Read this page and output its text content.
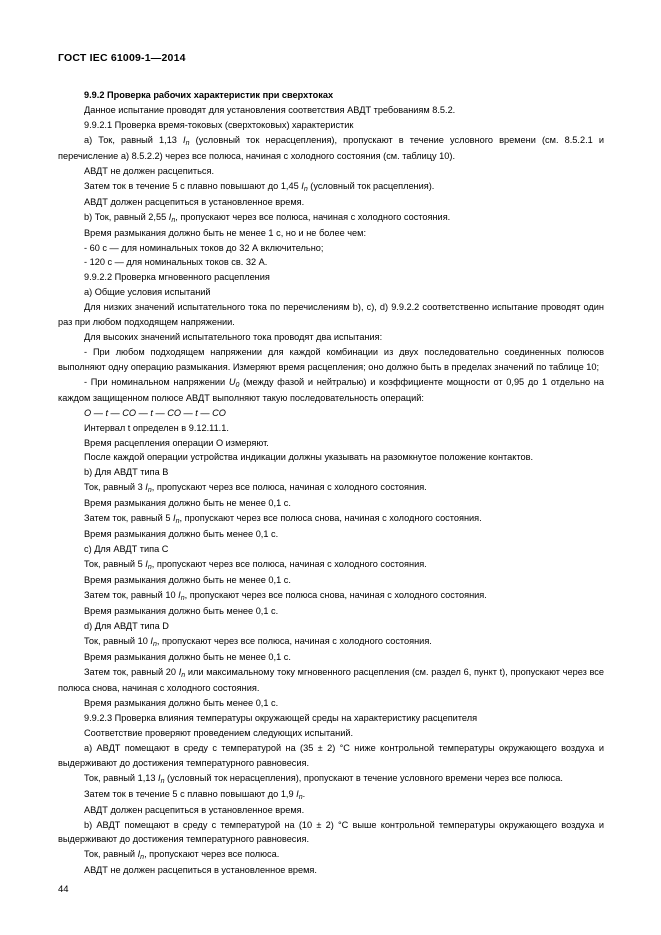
ГОСТ IEC 61009-1—2014

9.9.2 Проверка рабочих характеристик при сверхтоках

Данное испытание проводят для установления соответствия АВДТ требованиям 8.5.2.

9.9.2.1 Проверка время-токовых (сверхтоковых) характеристик

а) Ток, равный 1,13 $I_n$ (условный ток нерасцепления), пропускают в течение условного времени (см. 8.5.2.1 и перечисление а) 8.5.2.2) через все полюса, начиная с холодного состояния (см. таблицу 10).

АВДТ не должен расцепиться.

Затем ток в течение 5 с плавно повышают до 1,45 $I_n$ (условный ток расцепления).

АВДТ должен расцепиться в установленное время.

b) Ток, равный 2,55 $I_n$, пропускают через все полюса, начиная с холодного состояния.

Время размыкания должно быть не менее 1 с, но и не более чем:

- 60 с — для номинальных токов до 32 А включительно;

- 120 с — для номинальных токов св. 32 А.

9.9.2.2 Проверка мгновенного расцепления

а) Общие условия испытаний

Для низких значений испытательного тока по перечислениям b), с), d) 9.9.2.2 соответственно испытание проводят один раз при любом подходящем напряжении.

Для высоких значений испытательного тока проводят два испытания:

- При любом подходящем напряжении для каждой комбинации из двух последовательно соединенных полюсов выполняют одну операцию размыкания. Измеряют время расцепления; оно должно быть в пределах значений по таблице 10;

- При номинальном напряжении $U_0$ (между фазой и нейтралью) и коэффициенте мощности от 0,95 до 1 отдельно на каждом защищенном полюсе АВДТ выполняют такую последовательность операций:

O — t — CO — t — CO — t — CO

Интервал t определен в 9.12.11.1.

Время расцепления операции O измеряют.

После каждой операции устройства индикации должны указывать на разомкнутое положение контактов.

b) Для АВДТ типа B

Ток, равный 3 $I_n$, пропускают через все полюса, начиная с холодного состояния.

Время размыкания должно быть не менее 0,1 с.

Затем ток, равный 5 $I_n$, пропускают через все полюса снова, начиная с холодного состояния.

Время размыкания должно быть менее 0,1 с.

с) Для АВДТ типа C

Ток, равный 5 $I_n$, пропускают через все полюса, начиная с холодного состояния.

Время размыкания должно быть не менее 0,1 с.

Затем ток, равный 10 $I_n$, пропускают через все полюса снова, начиная с холодного состояния.

Время размыкания должно быть менее 0,1 с.

d) Для АВДТ типа D

Ток, равный 10 $I_n$, пропускают через все полюса, начиная с холодного состояния.

Время размыкания должно быть не менее 0,1 с.

Затем ток, равный 20 $I_n$ или максимальному току мгновенного расцепления (см. раздел 6, пункт t), пропускают через все полюса снова, начиная с холодного состояния.

Время размыкания должно быть менее 0,1 с.

9.9.2.3 Проверка влияния температуры окружающей среды на характеристику расцепителя

Соответствие проверяют проведением следующих испытаний.

а) АВДТ помещают в среду с температурой на (35 ± 2) °С ниже контрольной температуры окружающего воздуха и выдерживают до достижения температурного равновесия.

Ток, равный 1,13 $I_n$ (условный ток нерасцепления), пропускают в течение условного времени через все полюса.

Затем ток в течение 5 с плавно повышают до 1,9 $I_n$.

АВДТ должен расцепиться в установленное время.

b) АВДТ помещают в среду с температурой на (10 ± 2) °С выше контрольной температуры окружающего воздуха и выдерживают до достижения температурного равновесия.

Ток, равный $I_n$, пропускают через все полюса.

АВДТ не должен расцепиться в установленное время.

44
